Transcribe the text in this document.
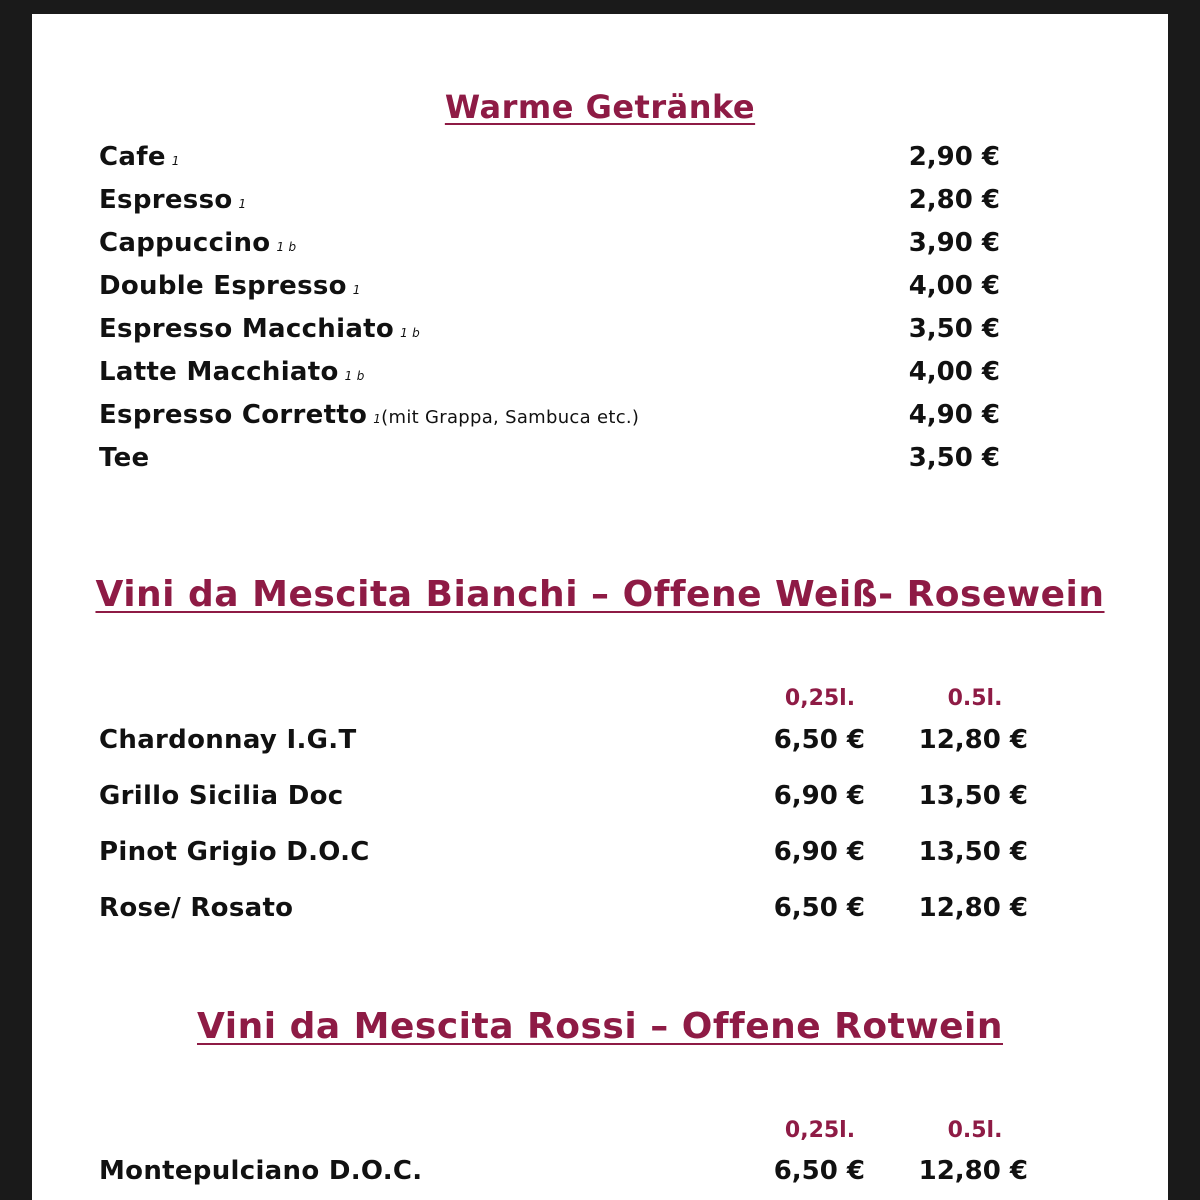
Warme Getränke
Cafe 1	2,90 €
Espresso 1	2,80 €
Cappuccino 1 b	3,90 €
Double Espresso 1	4,00 €
Espresso Macchiato 1 b	3,50 €
Latte Macchiato 1 b	4,00 €
Espresso Corretto 1(mit Grappa, Sambuca etc.)	4,90 €
Tee	3,50 €
Vini da Mescita Bianchi – Offene Weiß- Rosewein
0,25l.	0.5l.
Chardonnay I.G.T	6,50 €	12,80 €
Grillo Sicilia Doc	6,90 €	13,50 €
Pinot Grigio D.O.C	6,90 €	13,50 €
Rose/ Rosato	6,50 €	12,80 €
Vini da Mescita Rossi – Offene Rotwein
0,25l.	0.5l.
Montepulciano D.O.C.	6,50 €	12,80 €
